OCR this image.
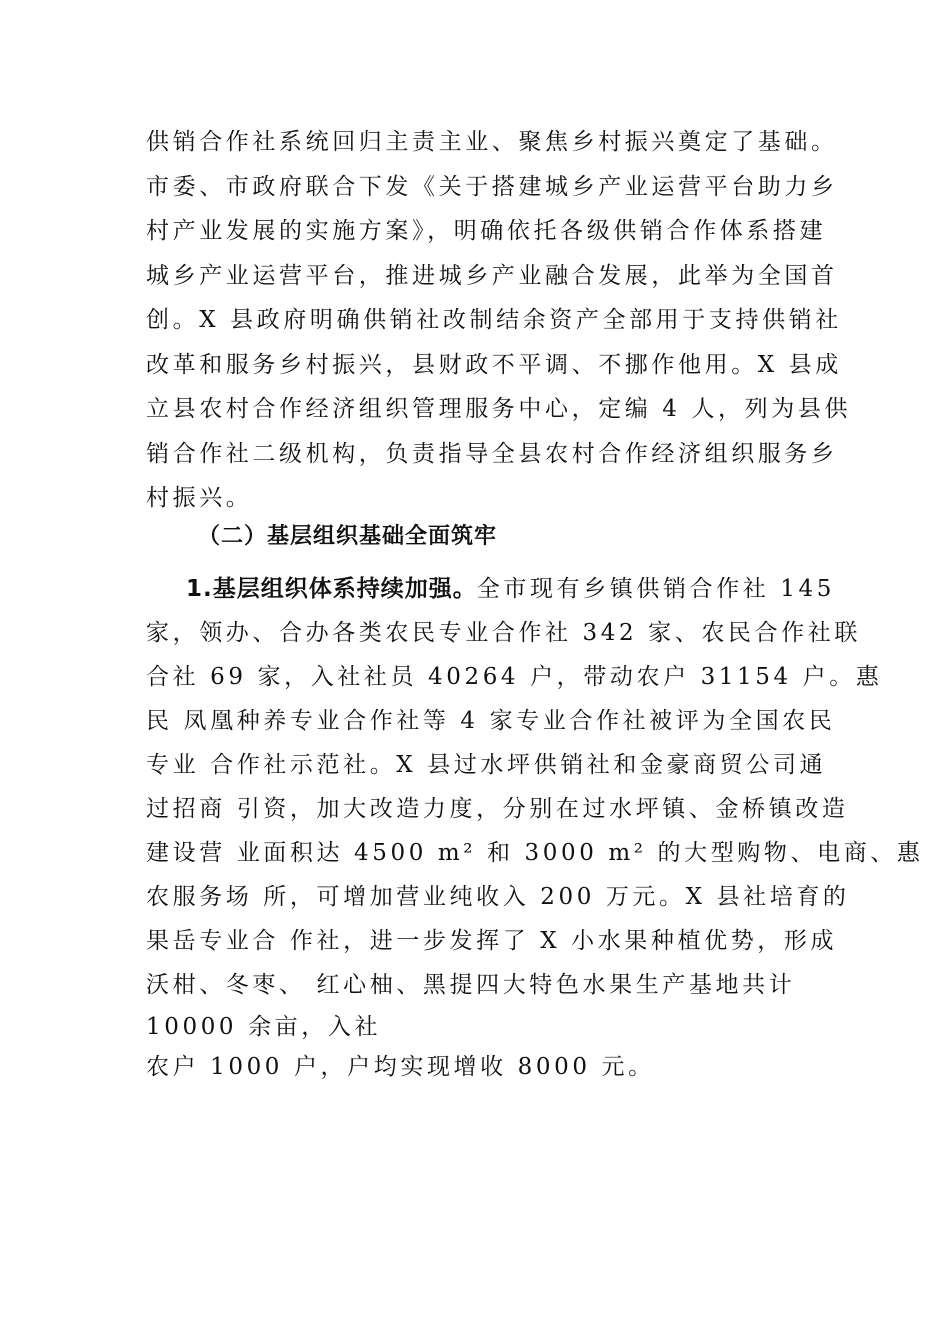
供销合作社系统回归主责主业、聚焦乡村振兴奠定了基础。
市委、市政府联合下发《关于搭建城乡产业运营平台助力乡
村产业发展的实施方案》，明确依托各级供销合作体系搭建
城乡产业运营平台，推进城乡产业融合发展，此举为全国首
创。X 县政府明确供销社改制结余资产全部用于支持供销社
改革和服务乡村振兴，县财政不平调、不挪作他用。X 县成
立县农村合作经济组织管理服务中心，定编 4 人，列为县供
销合作社二级机构，负责指导全县农村合作经济组织服务乡
村振兴。
（二）基层组织基础全面筑牢
1.基层组织体系持续加强。全市现有乡镇供销合作社 145
家，领办、合办各类农民专业合作社 342 家、农民合作社联
合社 69 家，入社社员 40264 户，带动农户 31154 户。惠
民 凤凰种养专业合作社等 4 家专业合作社被评为全国农民
专业 合作社示范社。X 县过水坪供销社和金豪商贸公司通
过招商 引资，加大改造力度，分别在过水坪镇、金桥镇改造
建设营 业面积达 4500 m² 和 3000 m² 的大型购物、电商、惠
农服务场 所，可增加营业纯收入 200 万元。X 县社培育的
果岳专业合 作社，进一步发挥了 X 小水果种植优势，形成
沃柑、冬枣、 红心柚、黑提四大特色水果生产基地共计
10000 余亩，入社
农户 1000 户，户均实现增收 8000 元。
